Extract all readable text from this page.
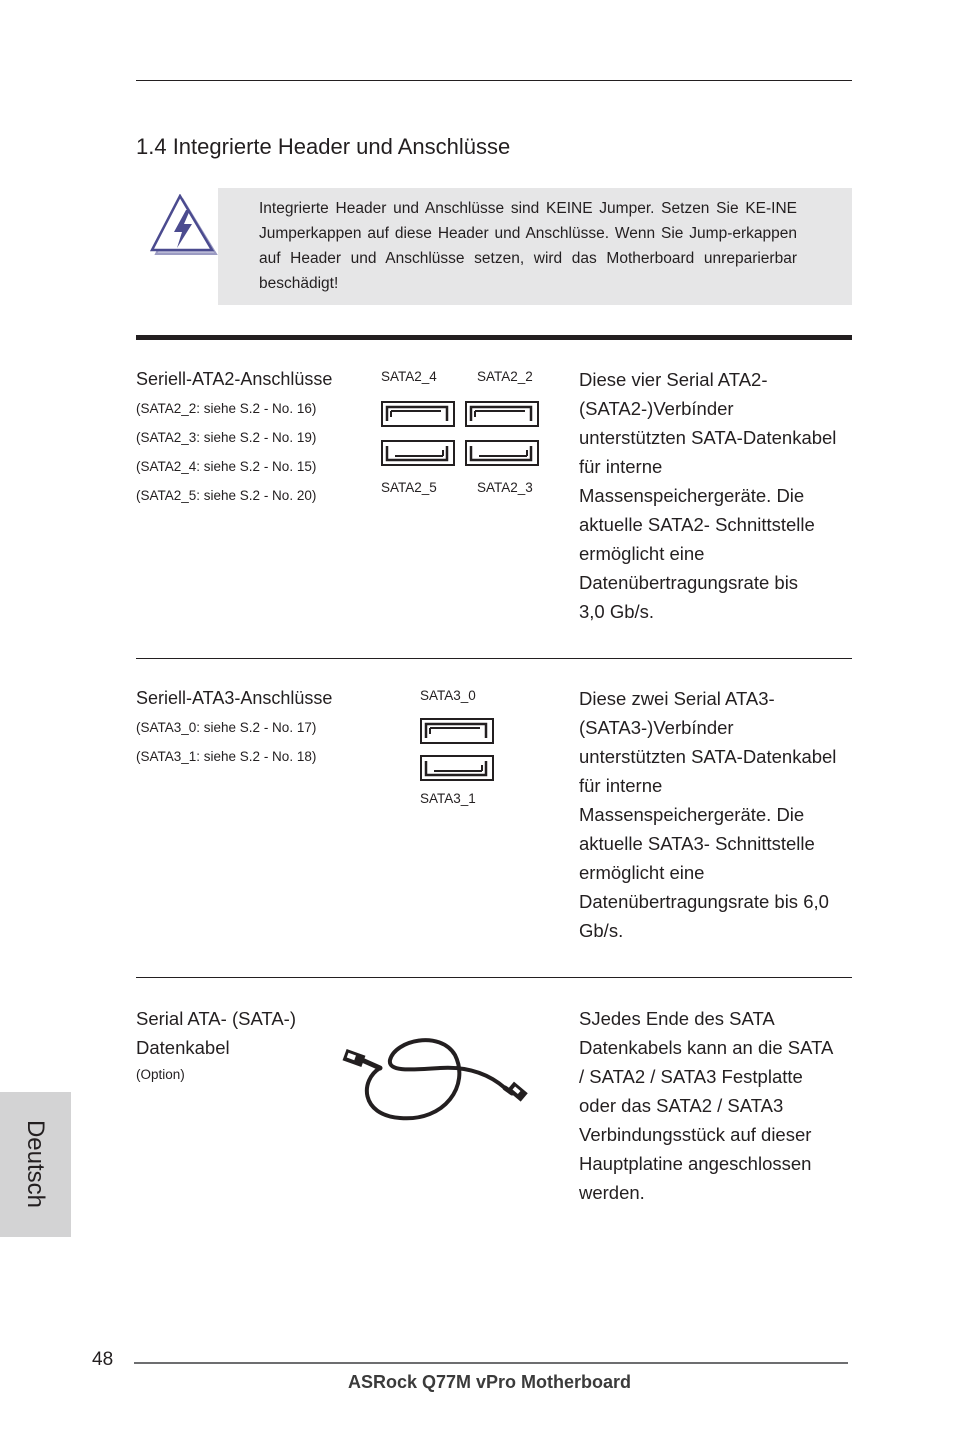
1.4 Integrierte Header und Anschlüsse
Integrierte Header und Anschlüsse sind KEINE Jumper. Setzen Sie KE-INE Jumperkappen auf diese Header und Anschlüsse. Wenn Sie Jump-erkappen auf Header und Anschlüsse setzen, wird das Motherboard unreparierbar beschädigt!
Seriell-ATA2-Anschlüsse
(SATA2_2: siehe S.2 - No. 16)
(SATA2_3: siehe S.2 - No. 19)
(SATA2_4: siehe S.2 - No. 15)
(SATA2_5: siehe S.2 - No. 20)
SATA2_4	SATA2_2
SATA2_5	SATA2_3
Diese vier Serial ATA2-
(SATA2-)Verbínder
unterstützten SATA-Datenkabel
für interne
Massenspeichergeräte. Die
aktuelle SATA2- Schnittstelle
ermöglicht eine
Datenübertragungsrate bis
3,0 Gb/s.
Seriell-ATA3-Anschlüsse
(SATA3_0: siehe S.2 - No. 17)
(SATA3_1: siehe S.2 - No. 18)
SATA3_0
SATA3_1
Diese zwei Serial ATA3-
(SATA3-)Verbínder
unterstützten SATA-Datenkabel
für interne
Massenspeichergeräte. Die
aktuelle SATA3- Schnittstelle
ermöglicht eine
Datenübertragungsrate bis 6,0
Gb/s.
Serial ATA- (SATA-)
Datenkabel
(Option)
SJedes Ende des SATA
Datenkabels kann an die SATA
/ SATA2 / SATA3 Festplatte
oder das SATA2 / SATA3
Verbindungsstück auf dieser
Hauptplatine angeschlossen
werden.
Deutsch
48
ASRock Q77M vPro Motherboard
